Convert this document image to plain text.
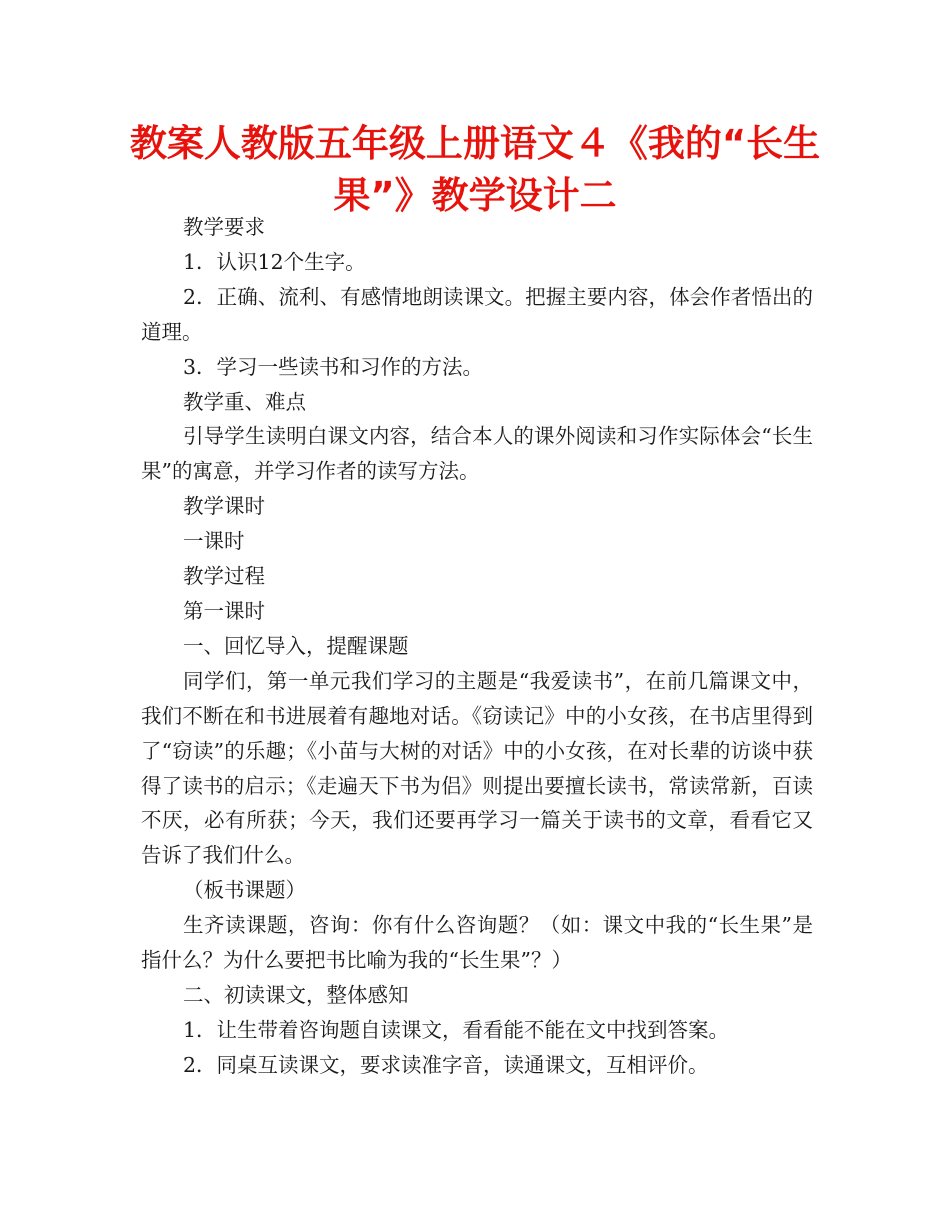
教案人教版五年级上册语文４《我的“长生果”》教学设计二

教学要求

1．认识12个生字。

2．正确、流利、有感情地朗读课文。把握主要内容，体会作者悟出的道理。

3．学习一些读书和习作的方法。

教学重、难点

引导学生读明白课文内容，结合本人的课外阅读和习作实际体会“长生果”的寓意，并学习作者的读写方法。

教学课时

一课时

教学过程

第一课时

一、回忆导入，提醒课题

同学们，第一单元我们学习的主题是“我爱读书”，在前几篇课文中，我们不断在和书进展着有趣地对话。《窃读记》中的小女孩，在书店里得到了“窃读”的乐趣；《小苗与大树的对话》中的小女孩，在对长辈的访谈中获得了读书的启示；《走遍天下书为侣》则提出要擅长读书，常读常新，百读不厌，必有所获；今天，我们还要再学习一篇关于读书的文章，看看它又告诉了我们什么。

（板书课题）

生齐读课题，咨询：你有什么咨询题？（如：课文中我的“长生果”是指什么？为什么要把书比喻为我的“长生果”？）

二、初读课文，整体感知

1．让生带着咨询题自读课文，看看能不能在文中找到答案。

2．同桌互读课文，要求读准字音，读通课文，互相评价。
